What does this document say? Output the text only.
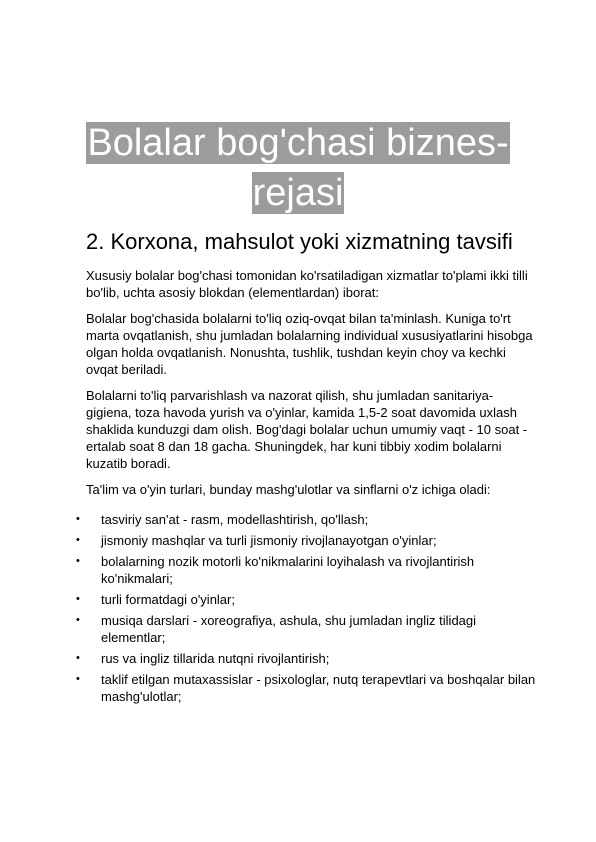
Bolalar bog'chasi biznes-
rejasi
2. Korxona, mahsulot yoki xizmatning tavsifi

Xususiy bolalar bog'chasi tomonidan ko'rsatiladigan xizmatlar to'plami ikki tilli bo'lib, uchta asosiy blokdan (elementlardan) iborat:

Bolalar bog'chasida bolalarni to'liq oziq-ovqat bilan ta'minlash. Kuniga to'rt marta ovqatlanish, shu jumladan bolalarning individual xususiyatlarini hisobga olgan holda ovqatlanish. Nonushta, tushlik, tushdan keyin choy va kechki ovqat beriladi.

Bolalarni to'liq parvarishlash va nazorat qilish, shu jumladan sanitariya-gigiena, toza havoda yurish va o'yinlar, kamida 1,5-2 soat davomida uxlash shaklida kunduzgi dam olish. Bog'dagi bolalar uchun umumiy vaqt - 10 soat - ertalab soat 8 dan 18 gacha. Shuningdek, har kuni tibbiy xodim bolalarni kuzatib boradi.

Ta'lim va o'yin turlari, bunday mashg'ulotlar va sinflarni o'z ichiga oladi:

•	tasviriy san'at - rasm, modellashtirish, qo'llash;
•	jismoniy mashqlar va turli jismoniy rivojlanayotgan o'yinlar;
•	bolalarning nozik motorli ko'nikmalarini loyihalash va rivojlantirish ko'nikmalari;
•	turli formatdagi o'yinlar;
•	musiqa darslari - xoreografiya, ashula, shu jumladan ingliz tilidagi elementlar;
•	rus va ingliz tillarida nutqni rivojlantirish;
•	taklif etilgan mutaxassislar - psixologlar, nutq terapevtlari va boshqalar bilan mashg'ulotlar;
